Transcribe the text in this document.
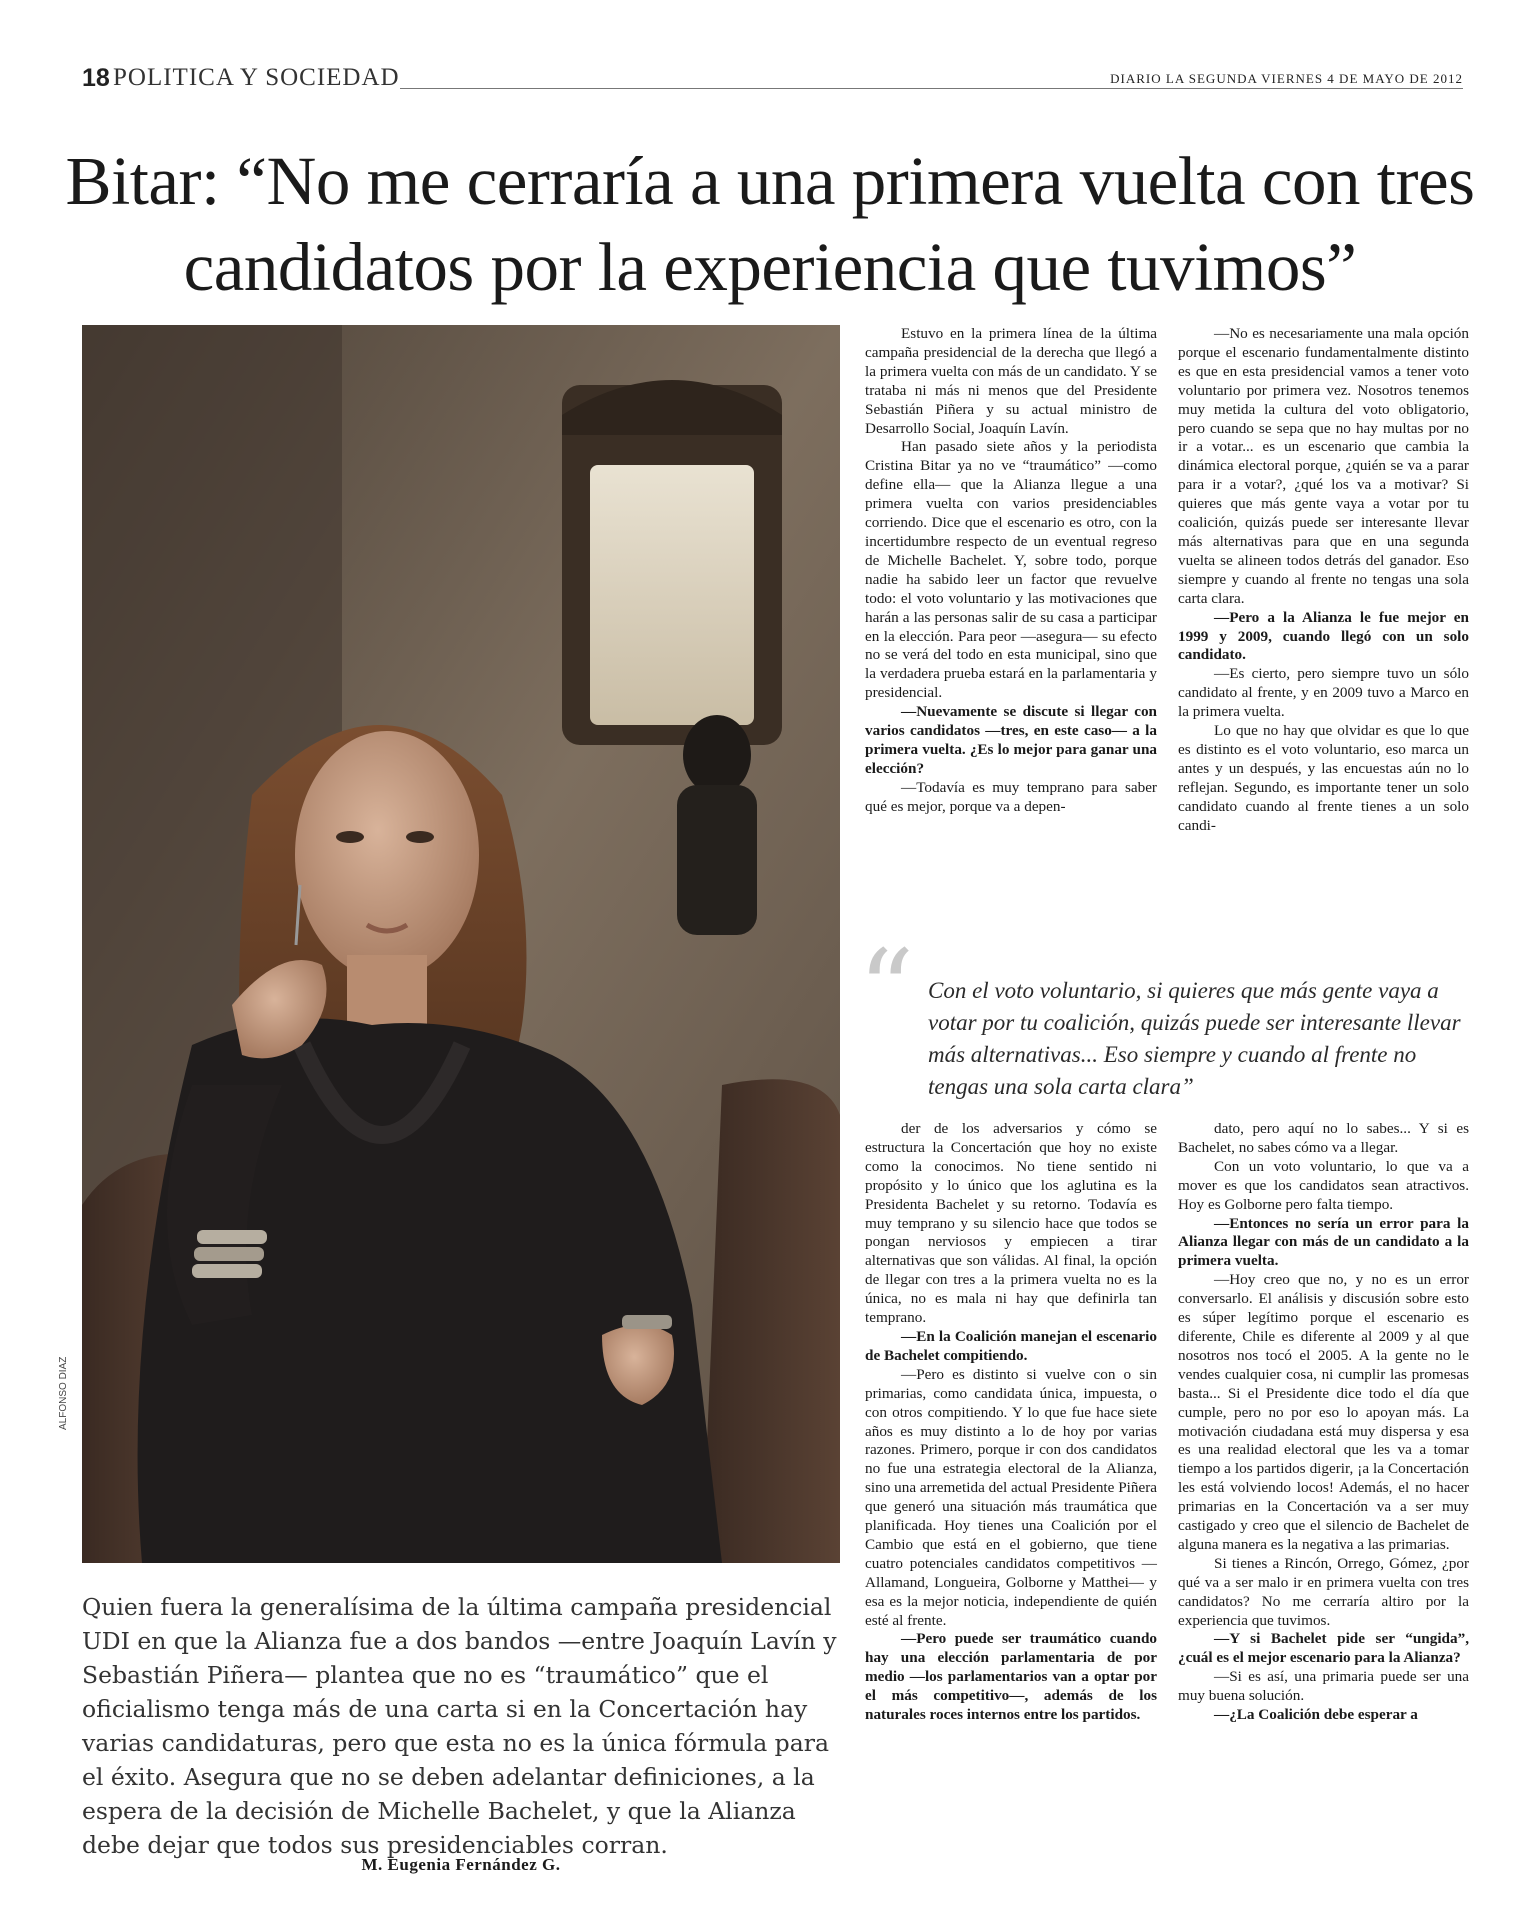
18 POLITICA Y SOCIEDAD	DIARIO LA SEGUNDA VIERNES 4 DE MAYO DE 2012
Bitar: “No me cerraría a una primera vuelta con tres candidatos por la experiencia que tuvimos”
ALFONSO DIAZ
Quien fuera la generalísima de la última campaña presidencial UDI en que la Alianza fue a dos bandos —entre Joaquín Lavín y Sebastián Piñera— plantea que no es “traumático” que el oficialismo tenga más de una carta si en la Concertación hay varias candidaturas, pero que esta no es la única fórmula para el éxito. Asegura que no se deben adelantar definiciones, a la espera de la decisión de Michelle Bachelet, y que la Alianza debe dejar que todos sus presidenciables corran.
M. Eugenia Fernández G.

Estuvo en la primera línea de la última campaña presidencial de la derecha que llegó a la primera vuelta con más de un candidato. Y se trataba ni más ni menos que del Presidente Sebastián Piñera y su actual ministro de Desarrollo Social, Joaquín Lavín.

Han pasado siete años y la periodista Cristina Bitar ya no ve “traumático” —como define ella— que la Alianza llegue a una primera vuelta con varios presidenciables corriendo. Dice que el escenario es otro, con la incertidumbre respecto de un eventual regreso de Michelle Bachelet. Y, sobre todo, porque nadie ha sabido leer un factor que revuelve todo: el voto voluntario y las motivaciones que harán a las personas salir de su casa a participar en la elección. Para peor —asegura— su efecto no se verá del todo en esta municipal, sino que la verdadera prueba estará en la parlamentaria y presidencial.

—Nuevamente se discute si llegar con varios candidatos —tres, en este caso— a la primera vuelta. ¿Es lo mejor para ganar una elección?

—Todavía es muy temprano para saber qué es mejor, porque va a depen-

—No es necesariamente una mala opción porque el escenario fundamentalmente distinto es que en esta presidencial vamos a tener voto voluntario por primera vez. Nosotros tenemos muy metida la cultura del voto obligatorio, pero cuando se sepa que no hay multas por no ir a votar... es un escenario que cambia la dinámica electoral porque, ¿quién se va a parar para ir a votar?, ¿qué los va a motivar? Si quieres que más gente vaya a votar por tu coalición, quizás puede ser interesante llevar más alternativas para que en una segunda vuelta se alineen todos detrás del ganador. Eso siempre y cuando al frente no tengas una sola carta clara.

—Pero a la Alianza le fue mejor en 1999 y 2009, cuando llegó con un solo candidato.

—Es cierto, pero siempre tuvo un sólo candidato al frente, y en 2009 tuvo a Marco en la primera vuelta.

Lo que no hay que olvidar es que lo que es distinto es el voto voluntario, eso marca un antes y un después, y las encuestas aún no lo reflejan. Segundo, es importante tener un solo candidato cuando al frente tienes a un solo candi-

“ Con el voto voluntario, si quieres que más gente vaya a votar por tu coalición, quizás puede ser interesante llevar más alternativas... Eso siempre y cuando al frente no tengas una sola carta clara”

der de los adversarios y cómo se estructura la Concertación que hoy no existe como la conocimos. No tiene sentido ni propósito y lo único que los aglutina es la Presidenta Bachelet y su retorno. Todavía es muy temprano y su silencio hace que todos se pongan nerviosos y empiecen a tirar alternativas que son válidas. Al final, la opción de llegar con tres a la primera vuelta no es la única, no es mala ni hay que definirla tan temprano.

—En la Coalición manejan el escenario de Bachelet compitiendo.

—Pero es distinto si vuelve con o sin primarias, como candidata única, impuesta, o con otros compitiendo. Y lo que fue hace siete años es muy distinto a lo de hoy por varias razones. Primero, porque ir con dos candidatos no fue una estrategia electoral de la Alianza, sino una arremetida del actual Presidente Piñera que generó una situación más traumática que planificada. Hoy tienes una Coalición por el Cambio que está en el gobierno, que tiene cuatro potenciales candidatos competitivos —Allamand, Longueira, Golborne y Matthei— y esa es la mejor noticia, independiente de quién esté al frente.

—Pero puede ser traumático cuando hay una elección parlamentaria de por medio —los parlamentarios van a optar por el más competitivo—, además de los naturales roces internos entre los partidos.

dato, pero aquí no lo sabes... Y si es Bachelet, no sabes cómo va a llegar.

Con un voto voluntario, lo que va a mover es que los candidatos sean atractivos. Hoy es Golborne pero falta tiempo.

—Entonces no sería un error para la Alianza llegar con más de un candidato a la primera vuelta.

—Hoy creo que no, y no es un error conversarlo. El análisis y discusión sobre esto es súper legítimo porque el escenario es diferente, Chile es diferente al 2009 y al que nosotros nos tocó el 2005. A la gente no le vendes cualquier cosa, ni cumplir las promesas basta... Si el Presidente dice todo el día que cumple, pero no por eso lo apoyan más. La motivación ciudadana está muy dispersa y esa es una realidad electoral que les va a tomar tiempo a los partidos digerir, ¡a la Concertación les está volviendo locos! Además, el no hacer primarias en la Concertación va a ser muy castigado y creo que el silencio de Bachelet de alguna manera es la negativa a las primarias.

Si tienes a Rincón, Orrego, Gómez, ¿por qué va a ser malo ir en primera vuelta con tres candidatos? No me cerraría altiro por la experiencia que tuvimos.

—Y si Bachelet pide ser “ungida”, ¿cuál es el mejor escenario para la Alianza?

—Si es así, una primaria puede ser una muy buena solución.

—¿La Coalición debe esperar a
